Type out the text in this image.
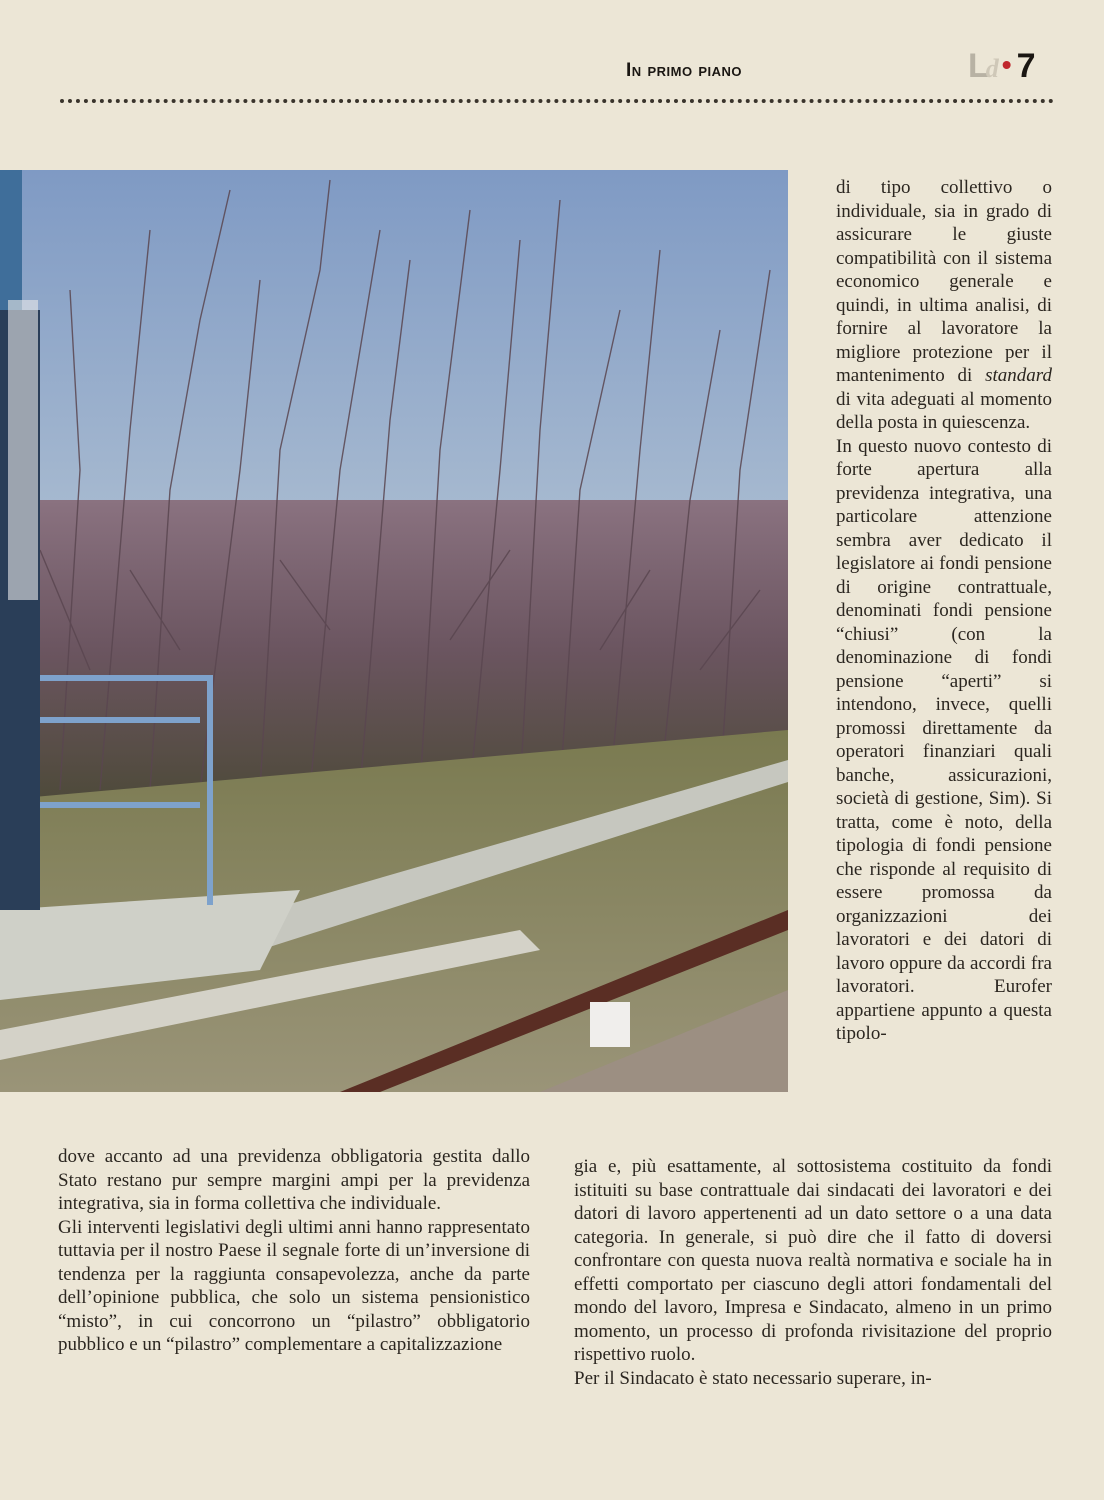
In primo piano	Ld • 7

di tipo collettivo o individuale, sia in grado di assicurare le giuste compatibilità con il sistema economico generale e quindi, in ultima analisi, di fornire al lavoratore la migliore protezione per il mantenimento di standard di vita adeguati al momento della posta in quiescenza.

In questo nuovo contesto di forte apertura alla previdenza integrativa, una particolare attenzione sembra aver dedicato il legislatore ai fondi pensione di origine contrattuale, denominati fondi pensione “chiusi” (con la denominazione di fondi pensione “aperti” si intendono, invece, quelli promossi direttamente da operatori finanziari quali banche, assicurazioni, società di gestione, Sim). Si tratta, come è noto, della tipologia di fondi pensione che risponde al requisito di essere promossa da organizzazioni dei lavoratori e dei datori di lavoro oppure da accordi fra lavoratori. Eurofer appartiene appunto a questa tipolo-

dove accanto ad una previdenza obbligatoria gestita dallo Stato restano pur sempre margini ampi per la previdenza integrativa, sia in forma collettiva che individuale.

Gli interventi legislativi degli ultimi anni hanno rappresentato tuttavia per il nostro Paese il segnale forte di un’inversione di tendenza per la raggiunta consapevolezza, anche da parte dell’opinione pubblica, che solo un sistema pensionistico “misto”, in cui concorrono un “pilastro” obbligatorio pubblico e un “pilastro” complementare a capitalizzazione

gia e, più esattamente, al sottosistema costituito da fondi istituiti su base contrattuale dai sindacati dei lavoratori e dei datori di lavoro appertenenti ad un dato settore o a una data categoria. In generale, si può dire che il fatto di doversi confrontare con questa nuova realtà normativa e sociale ha in effetti comportato per ciascuno degli attori fondamentali del mondo del lavoro, Impresa e Sindacato, almeno in un primo momento, un processo di profonda rivisitazione del proprio rispettivo ruolo.

Per il Sindacato è stato necessario superare, in-
